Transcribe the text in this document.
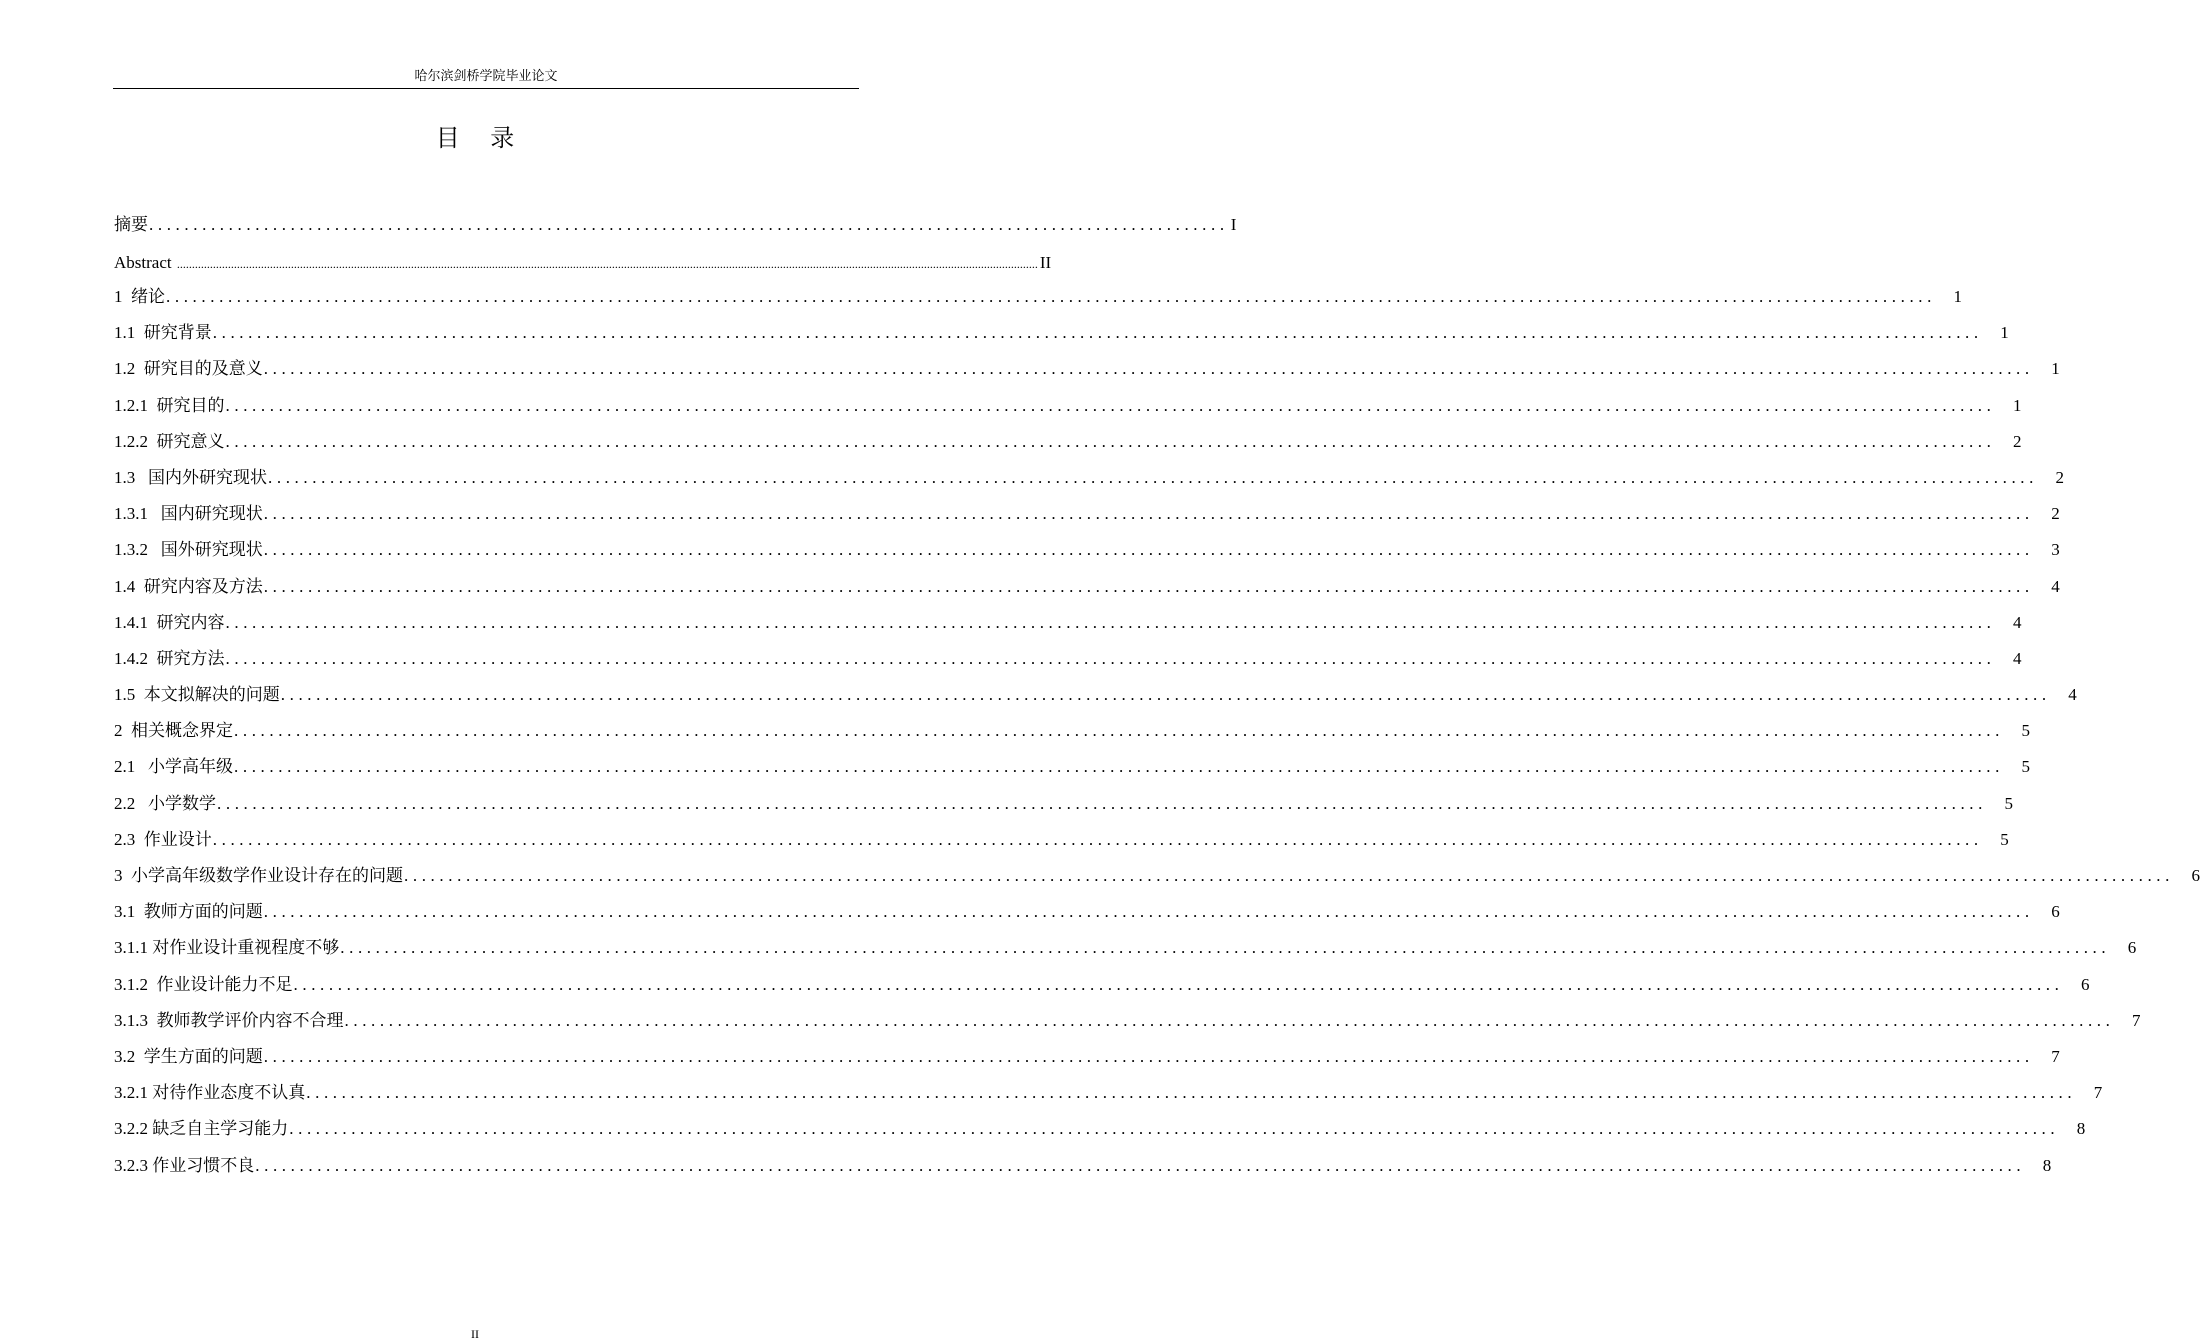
哈尔滨剑桥学院毕业论文
目    录
摘要 .......................................................................................................................... I
Abstract ............................................................................................................................................................................................................................................................................................... II
1  绪论 ........................................................................................................................................................................................................	1
1.1  研究背景 ........................................................................................................................................................................................................	1
1.2  研究目的及意义 ........................................................................................................................................................................................................	1
1.2.1  研究目的 ........................................................................................................................................................................................................	1
1.2.2  研究意义 ........................................................................................................................................................................................................	2
1.3   国内外研究现状 ........................................................................................................................................................................................................	2
1.3.1   国内研究现状 ........................................................................................................................................................................................................	2
1.3.2   国外研究现状 ........................................................................................................................................................................................................	3
1.4  研究内容及方法 ........................................................................................................................................................................................................	4
1.4.1  研究内容 ........................................................................................................................................................................................................	4
1.4.2  研究方法 ........................................................................................................................................................................................................	4
1.5  本文拟解决的问题 ........................................................................................................................................................................................................	4
2  相关概念界定 ........................................................................................................................................................................................................	5
2.1   小学高年级 ........................................................................................................................................................................................................	5
2.2   小学数学 ........................................................................................................................................................................................................	5
2.3  作业设计 ........................................................................................................................................................................................................	5
3  小学高年级数学作业设计存在的问题 ........................................................................................................................................................................................................	6
3.1  教师方面的问题 ........................................................................................................................................................................................................	6
3.1.1 对作业设计重视程度不够 ........................................................................................................................................................................................................	6
3.1.2  作业设计能力不足 ........................................................................................................................................................................................................	6
3.1.3  教师教学评价内容不合理 ........................................................................................................................................................................................................	7
3.2  学生方面的问题 ........................................................................................................................................................................................................	7
3.2.1 对待作业态度不认真 ........................................................................................................................................................................................................	7
3.2.2 缺乏自主学习能力 ........................................................................................................................................................................................................	8
3.2.3 作业习惯不良 ........................................................................................................................................................................................................	8
II
